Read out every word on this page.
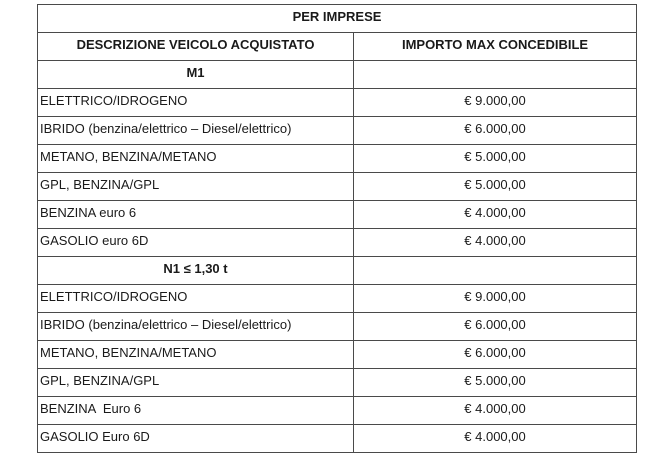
PER IMPRESE	
DESCRIZIONE VEICOLO ACQUISTATO	IMPORTO MAX CONCEDIBILE
M1	
ELETTRICO/IDROGENO	€ 9.000,00
IBRIDO (benzina/elettrico – Diesel/elettrico)	€ 6.000,00
METANO, BENZINA/METANO	€ 5.000,00
GPL, BENZINA/GPL	€ 5.000,00
BENZINA euro 6	€ 4.000,00
GASOLIO euro 6D	€ 4.000,00
N1 ≤ 1,30 t	
ELETTRICO/IDROGENO	€ 9.000,00
IBRIDO (benzina/elettrico – Diesel/elettrico)	€ 6.000,00
METANO, BENZINA/METANO	€ 6.000,00
GPL, BENZINA/GPL	€ 5.000,00
BENZINA  Euro 6	€ 4.000,00
GASOLIO Euro 6D	€ 4.000,00
